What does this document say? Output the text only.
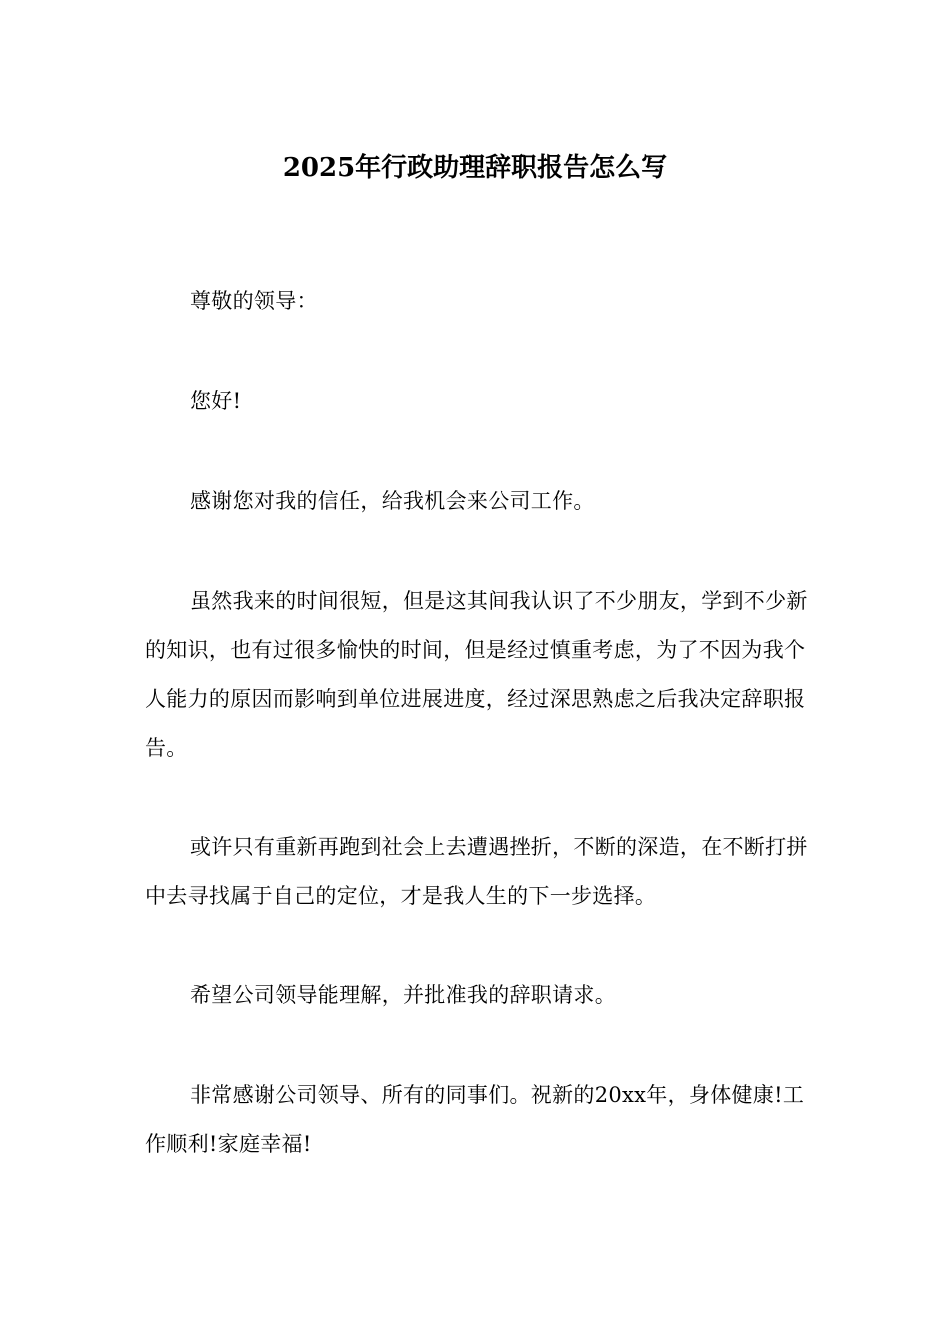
2025年行政助理辞职报告怎么写

尊敬的领导：

您好!

感谢您对我的信任，给我机会来公司工作。

虽然我来的时间很短，但是这其间我认识了不少朋友，学到不少新的知识，也有过很多愉快的时间，但是经过慎重考虑，为了不因为我个人能力的原因而影响到单位进展进度，经过深思熟虑之后我决定辞职报告。

或许只有重新再跑到社会上去遭遇挫折，不断的深造，在不断打拼中去寻找属于自己的定位，才是我人生的下一步选择。

希望公司领导能理解，并批准我的辞职请求。

非常感谢公司领导、所有的同事们。祝新的20xx年，身体健康!工作顺利!家庭幸福!
